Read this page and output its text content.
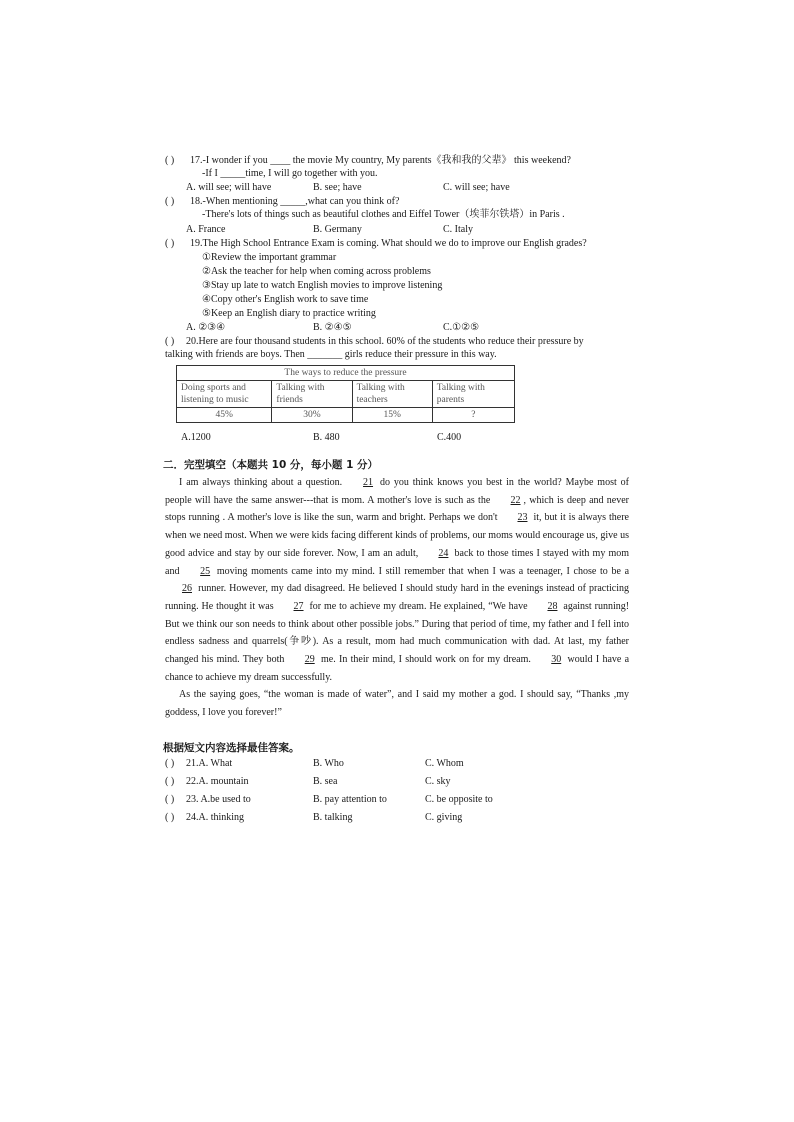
( ) 17.-I wonder if you ____ the movie My country, My parents《我和我的父辈》 this weekend?
-If I _____time, I will go together with you.
A. will see; will have	B. see; have	C. will see; have
( ) 18.-When mentioning _____,what can you think of?
-There's lots of things such as beautiful clothes and Eiffel Tower（埃菲尔铁塔）in Paris .
A. France	B. Germany	C. Italy
( ) 19.The High School Entrance Exam is coming. What should we do to improve our English grades?
①Review the important grammar
②Ask the teacher for help when coming across problems
③Stay up late to watch English movies to improve listening
④Copy other's English work to save time
⑤Keep an English diary to practice writing
A. ②③④	B. ②④⑤	C.①②⑤
( ) 20.Here are four thousand students in this school. 60% of the students who reduce their pressure by
talking with friends are boys. Then _______ girls reduce their pressure in this way.
The ways to reduce the pressure			
Doing sports and listening to music	Talking with friends	Talking with teachers	Talking with parents
45%	30%	15%	?
A.1200	B. 480	C.400
二．完型填空（本题共 10 分，每小题 1 分）

I am always thinking about a question. 21 do you think knows you best in the world? Maybe most of people will have the same answer---that is mom. A mother's love is such as the 22 , which is deep and never stops running . A mother's love is like the sun, warm and bright. Perhaps we don't 23 it, but it is always there when we need most. When we were kids facing different kinds of problems, our moms would encourage us, give us good advice and stay by our side forever. Now, I am an adult, 24 back to those times I stayed with my mom and 25 moving moments came into my mind. I still remember that when I was a teenager, I chose to be a 26 runner. However, my dad disagreed. He believed I should study hard in the evenings instead of practicing running. He thought it was 27 for me to achieve my dream. He explained, “We have 28 against running! But we think our son needs to think about other possible jobs.” During that period of time, my father and I fell into endless sadness and quarrels(争吵). As a result, mom had much communication with dad. At last, my father changed his mind. They both 29 me. In their mind, I should work on for my dream. 30 would I have a chance to achieve my dream successfully.

As the saying goes, “the woman is made of water”, and I said my mother a god. I should say, “Thanks ,my goddess, I love you forever!”

根据短文内容选择最佳答案。
( ) 21.A. What	B. Who	C. Whom
( ) 22.A. mountain	B. sea	C. sky
( ) 23. A.be used to	B. pay attention to	C. be opposite to
( ) 24.A. thinking	B. talking	C. giving
